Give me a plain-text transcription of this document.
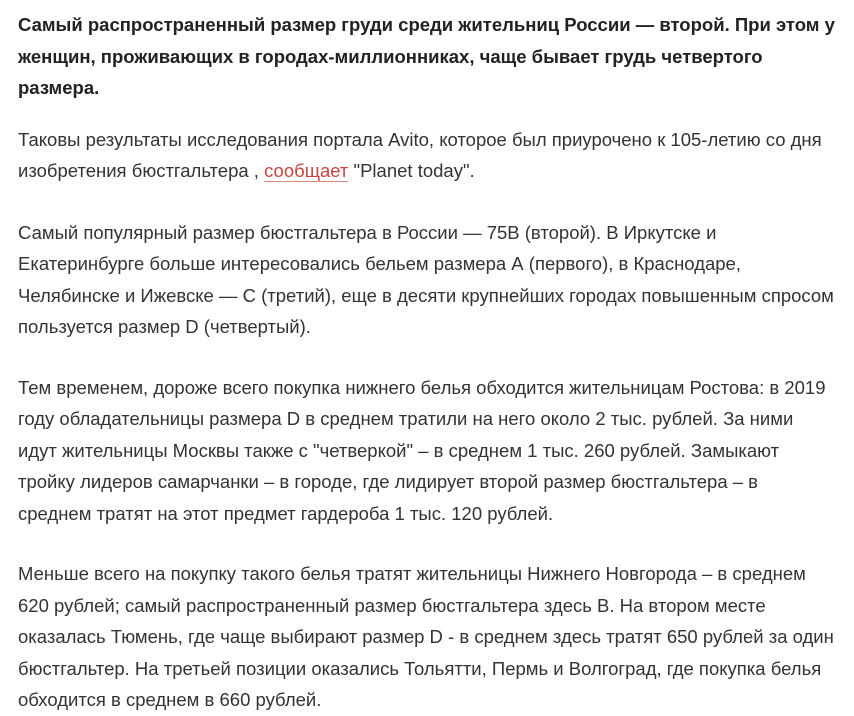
Самый распространенный размер груди среди жительниц России — второй. При этом у женщин, проживающих в городах-миллионниках, чаще бывает грудь четвертого размера.

Таковы результаты исследования портала Avito, которое был приурочено к 105-летию со дня изобретения бюстгальтера , сообщает "Planet today".

Самый популярный размер бюстгальтера в России — 75В (второй). В Иркутске и Екатеринбурге больше интересовались бельем размера А (первого), в Краснодаре, Челябинске и Ижевске — С (третий), еще в десяти крупнейших городах повышенным спросом пользуется размер D (четвертый).

Тем временем, дороже всего покупка нижнего белья обходится жительницам Ростова: в 2019 году обладательницы размера D в среднем тратили на него около 2 тыс. рублей. За ними идут жительницы Москвы также с "четверкой" – в среднем 1 тыс. 260 рублей. Замыкают тройку лидеров самарчанки – в городе, где лидирует второй размер бюстгальтера – в среднем тратят на этот предмет гардероба 1 тыс. 120 рублей.

Меньше всего на покупку такого белья тратят жительницы Нижнего Новгорода – в среднем 620 рублей; самый распространенный размер бюстгальтера здесь В. На втором месте оказалась Тюмень, где чаще выбирают размер D - в среднем здесь тратят 650 рублей за один бюстгальтер. На третьей позиции оказались Тольятти, Пермь и Волгоград, где покупка белья обходится в среднем в 660 рублей.
